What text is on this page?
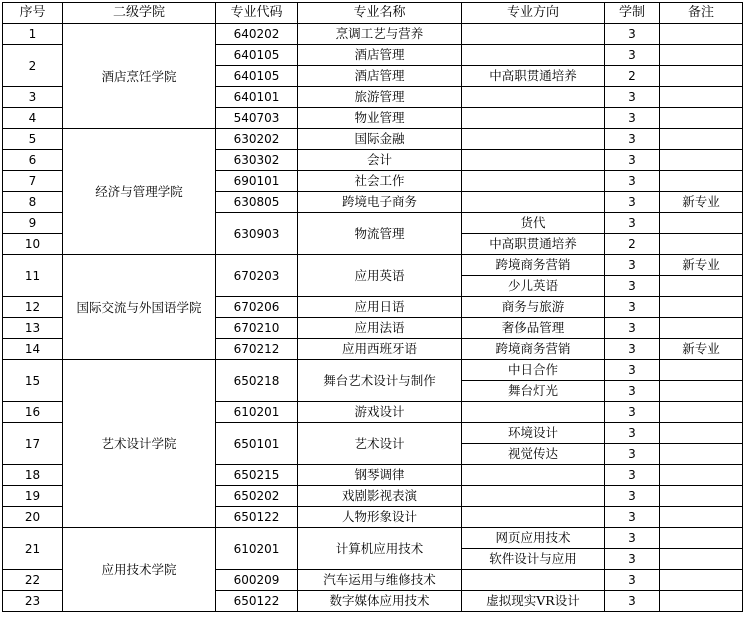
序号	二级学院	专业代码	专业名称	专业方向	学制	备注
1	酒店烹饪学院	640202	烹调工艺与营养		3	
2		640105	酒店管理		3	
		640105	酒店管理	中高职贯通培养	2	
3		640101	旅游管理		3	
4		540703	物业管理		3	
5	经济与管理学院	630202	国际金融		3	
6		630302	会计		3	
7		690101	社会工作		3	
8		630805	跨境电子商务		3	新专业
9		630903	物流管理	货代	3	
10				中高职贯通培养	2	
11	国际交流与外国语学院	670203	应用英语	跨境商务营销	3	新专业
				少儿英语	3	
12		670206	应用日语	商务与旅游	3	
13		670210	应用法语	奢侈品管理	3	
14		670212	应用西班牙语	跨境商务营销	3	新专业
15	艺术设计学院	650218	舞台艺术设计与制作	中日合作	3	
				舞台灯光	3	
16		610201	游戏设计		3	
17		650101	艺术设计	环境设计	3	
				视觉传达	3	
18		650215	钢琴调律		3	
19		650202	戏剧影视表演		3	
20		650122	人物形象设计		3	
21	应用技术学院	610201	计算机应用技术	网页应用技术	3	
				软件设计与应用	3	
22		600209	汽车运用与维修技术		3	
23		650122	数字媒体应用技术	虚拟现实VR设计	3	
